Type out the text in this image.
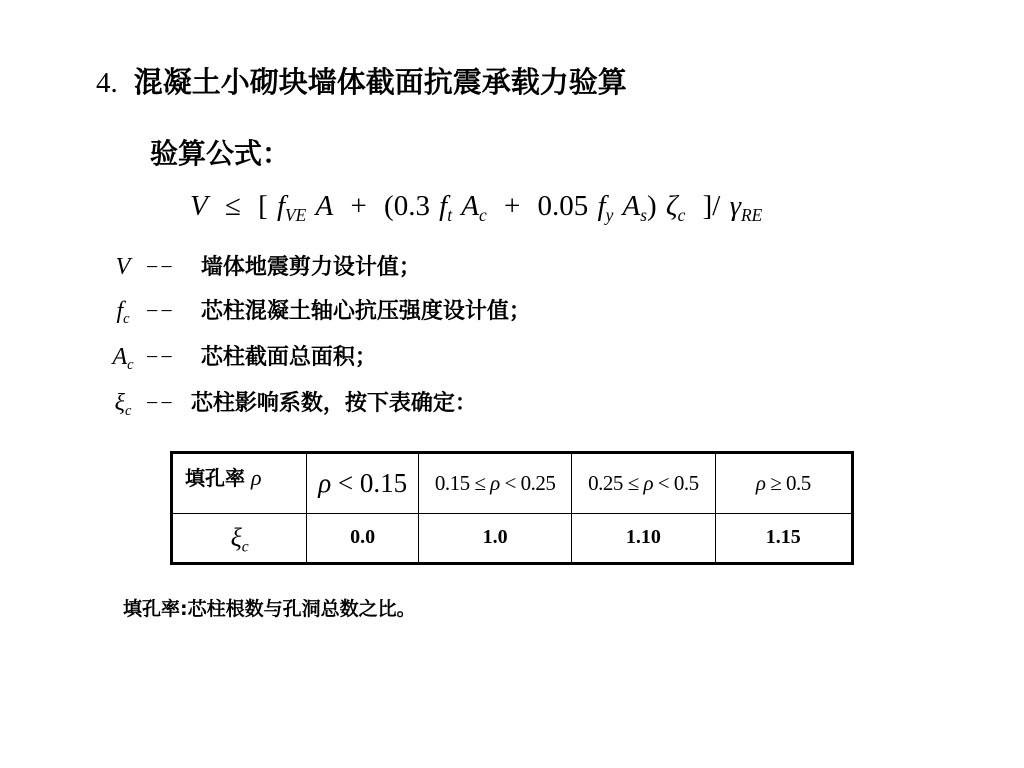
4. 混凝土小砌块墙体截面抗震承载力验算
验算公式：
V ≤ [ $f_{VE}$ A + (0.3 $f_t$ $A_c + 0.05$ $f_y$ $A_s$) $\zeta_c$ ]/ $\gamma_{RE}$
V −− 墙体地震剪力设计值；
$f_c$ −− 芯柱混凝土轴心抗压强度设计值；
$A_c$ −− 芯柱截面总面积；
$\xi_c$ −− 芯柱影响系数，按下表确定：
填孔率 ρ	ρ < 0.15	0.15 ≤ ρ < 0.25	0.25 ≤ ρ < 0.5	ρ ≥ 0.5
$\xi_c$	0.0	1.0	1.10	1.15
填孔率:芯柱根数与孔洞总数之比。
